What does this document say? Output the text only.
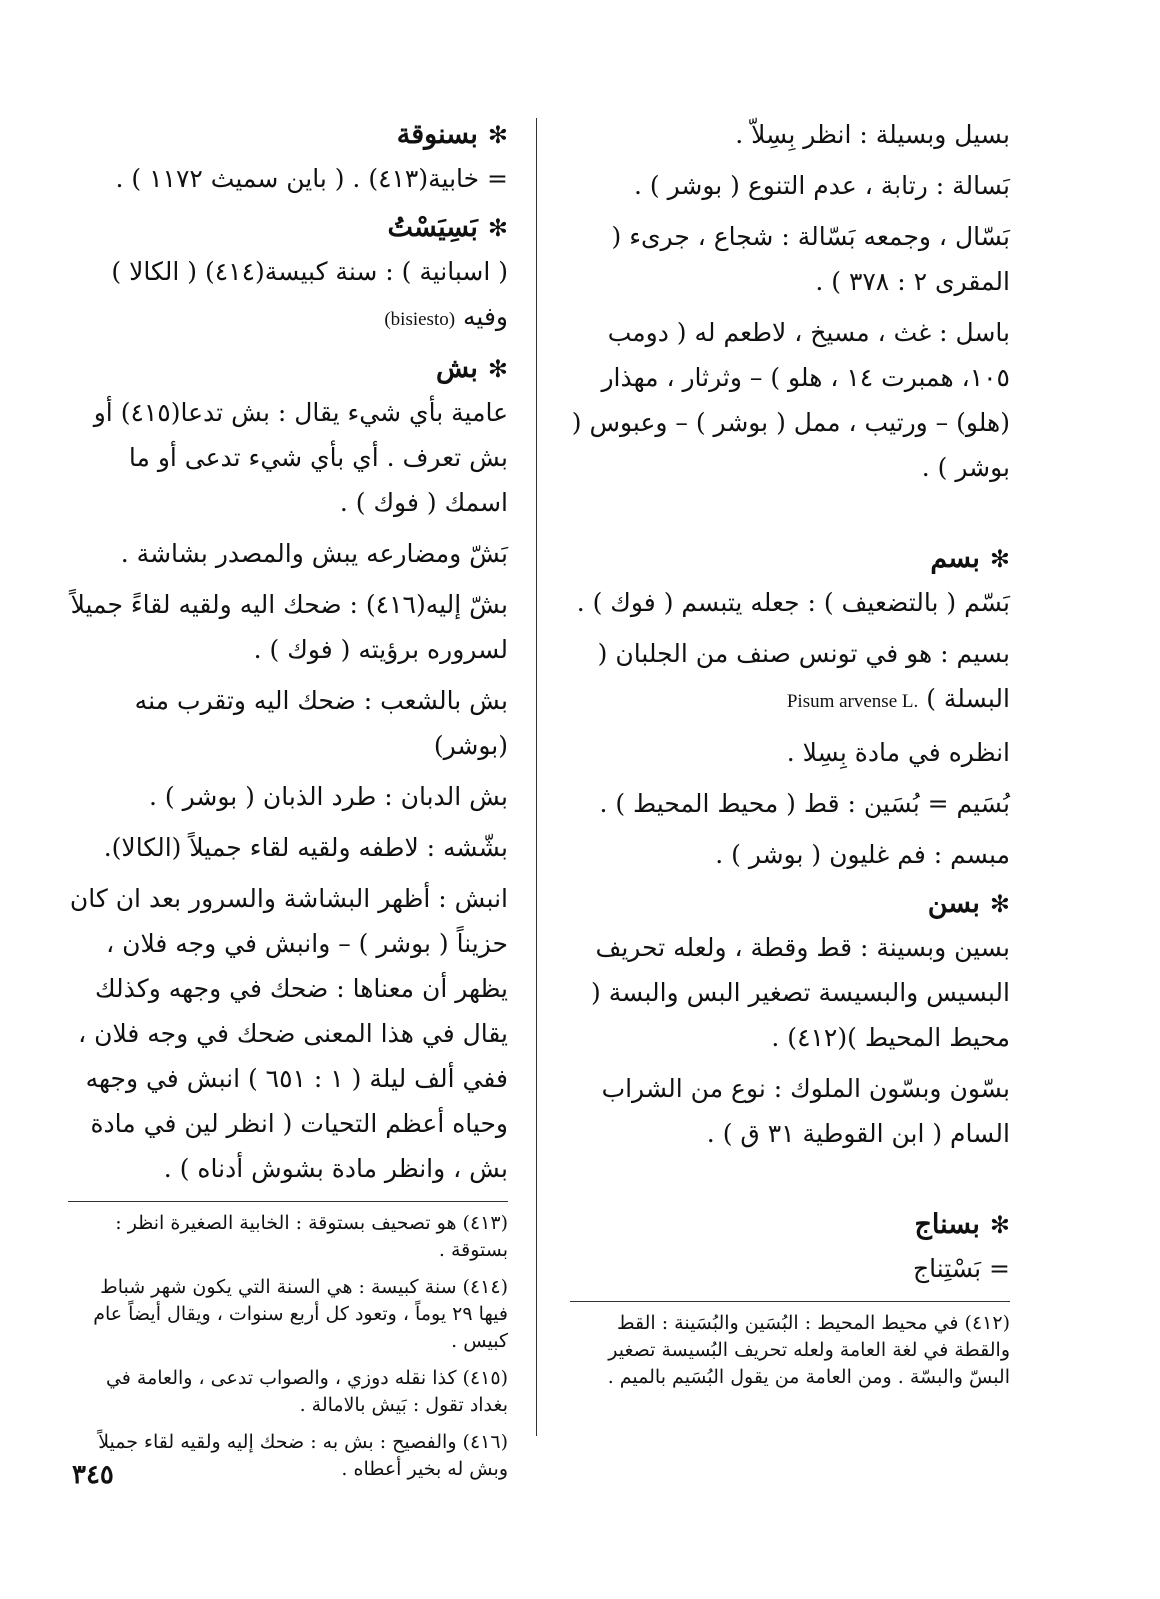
بسيل وبسيلة : انظر بِسِلاّ .
بَسالة : رتابة ، عدم التنوع ( بوشر ) .
بَسّال ، وجمعه بَسّالة : شجاع ، جرىء ( المقرى ٢ : ٣٧٨ ) .
باسل : غث ، مسيخ ، لاطعم له ( دومب ١٠٥، همبرت ١٤ ، هلو ) – وثرثار ، مهذار (هلو) – ورتيب ، ممل ( بوشر ) – وعبوس ( بوشر ) .
✻بسم
بَسّم ( بالتضعيف ) : جعله يتبسم ( فوك ) .
بسيم : هو في تونس صنف من الجلبان ( البسلة ) Pisum arvense L.
انظره في مادة بِسِلا .
بُسَيم = بُسَين : قط ( محيط المحيط ) .
مبسم : فم غليون ( بوشر ) .
✻بسن
بسين وبسينة : قط وقطة ، ولعله تحريف البسيس والبسيسة تصغير البس والبسة ( محيط المحيط )(٤١٢) .
بسّون وبسّون الملوك : نوع من الشراب السام ( ابن القوطية ٣١ ق ) .
✻بسناج
= بَسْتِناج
(٤١٢) في محيط المحيط : البُسَين والبُسَينة : القط والقطة في لغة العامة ولعله تحريف البُسيسة تصغير البسّ والبسّة . ومن العامة من يقول البُسَيم بالميم .
✻بسنوقة
= خابية(٤١٣) . ( باين سميث ١١٧٢ ) .
✻بَسِيَسْتُ
( اسبانية ) : سنة كبيسة(٤١٤) ( الكالا ) وفيه (bisiesto)
✻بش
عامية بأي شيء يقال : بش تدعا(٤١٥) أو بش تعرف . أي بأي شيء تدعى أو ما اسمك ( فوك ) .
بَشّ ومضارعه يبش والمصدر بشاشة .
بشّ إليه(٤١٦) : ضحك اليه ولقيه لقاءً جميلاً لسروره برؤيته ( فوك ) .
بش بالشعب : ضحك اليه وتقرب منه (بوشر)
بش الدبان : طرد الذبان ( بوشر ) .
بشّشه : لاطفه ولقيه لقاء جميلاً (الكالا).
انبش : أظهر البشاشة والسرور بعد ان كان حزيناً ( بوشر ) – وانبش في وجه فلان ، يظهر أن معناها : ضحك في وجهه وكذلك يقال في هذا المعنى ضحك في وجه فلان ، ففي ألف ليلة ( ١ : ٦٥١ ) انبش في وجهه وحياه أعظم التحيات ( انظر لين في مادة بش ، وانظر مادة بشوش أدناه ) .
(٤١٣) هو تصحيف بستوقة : الخابية الصغيرة انظر : بستوقة .
(٤١٤) سنة كبيسة : هي السنة التي يكون شهر شباط فيها ٢٩ يوماً ، وتعود كل أربع سنوات ، ويقال أيضاً عام كبيس .
(٤١٥) كذا نقله دوزي ، والصواب تدعى ، والعامة في بغداد تقول : بَيش بالامالة .
(٤١٦) والفصيح : بش به : ضحك إليه ولقيه لقاء جميلاً وبش له بخير أعطاه .
٣٤٥
